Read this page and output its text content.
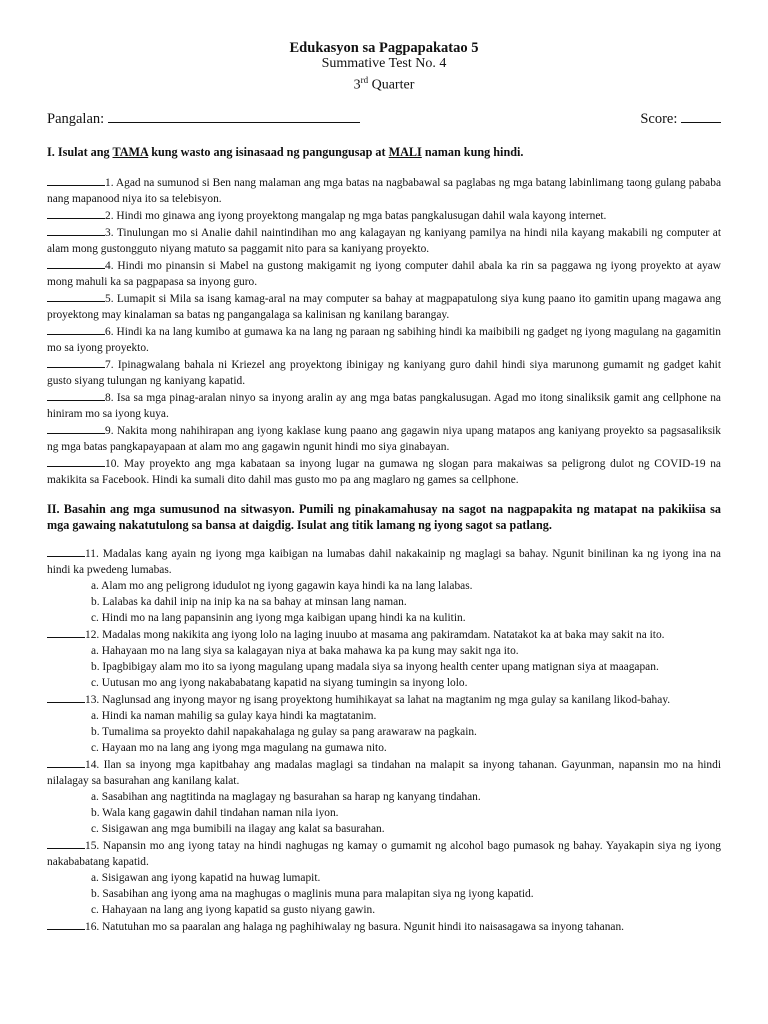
Edukasyon sa Pagpapakatao 5
Summative Test No. 4
3rd Quarter
Pangalan:	Score:
I. Isulat ang TAMA kung wasto ang isinasaad ng pangungusap at MALI naman kung hindi.
1. Agad na sumunod si Ben nang malaman ang mga batas na nagbabawal sa paglabas ng mga batang labinlimang taong gulang pababa nang mapanood niya ito sa telebisyon.
2. Hindi mo ginawa ang iyong proyektong mangalap ng mga batas pangkalusugan dahil wala kayong internet.
3. Tinulungan mo si Analie dahil naintindihan mo ang kalagayan ng kaniyang pamilya na hindi nila kayang makabili ng computer at alam mong gustongguto niyang matuto sa paggamit nito para sa kaniyang proyekto.
4. Hindi mo pinansin si Mabel na gustong makigamit ng iyong computer dahil abala ka rin sa paggawa ng iyong proyekto at ayaw mong mahuli ka sa pagpapasa sa inyong guro.
5. Lumapit si Mila sa isang kamag-aral na may computer sa bahay at magpapatulong siya kung paano ito gamitin upang magawa ang proyektong may kinalaman sa batas ng pangangalaga sa kalinisan ng kanilang barangay.
6. Hindi ka na lang kumibo at gumawa ka na lang ng paraan ng sabihing hindi ka maibibili ng gadget ng iyong magulang na gagamitin mo sa iyong proyekto.
7. Ipinagwalang bahala ni Kriezel ang proyektong ibinigay ng kaniyang guro dahil hindi siya marunong gumamit ng gadget kahit gusto siyang tulungan ng kaniyang kapatid.
8. Isa sa mga pinag-aralan ninyo sa inyong aralin ay ang mga batas pangkalusugan. Agad mo itong sinaliksik gamit ang cellphone na hiniram mo sa iyong kuya.
9. Nakita mong nahihirapan ang iyong kaklase kung paano ang gagawin niya upang matapos ang kaniyang proyekto sa pagsasaliksik ng mga batas pangkapayapaan at alam mo ang gagawin ngunit hindi mo siya ginabayan.
10. May proyekto ang mga kabataan sa inyong lugar na gumawa ng slogan para makaiwas sa peligrong dulot ng COVID-19 na makikita sa Facebook. Hindi ka sumali dito dahil mas gusto mo pa ang maglaro ng games sa cellphone.
II. Basahin ang mga sumusunod na sitwasyon. Pumili ng pinakamahusay na sagot na nagpapakita ng matapat na pakikiisa sa mga gawaing nakatutulong sa bansa at daigdig. Isulat ang titik lamang ng iyong sagot sa patlang.
11. Madalas kang ayain ng iyong mga kaibigan na lumabas dahil nakakainip ng maglagi sa bahay. Ngunit binilinan ka ng iyong ina na hindi ka pwedeng lumabas.
a. Alam mo ang peligrong idudulot ng iyong gagawin kaya hindi ka na lang lalabas.
b. Lalabas ka dahil inip na inip ka na sa bahay at minsan lang naman.
c. Hindi mo na lang papansinin ang iyong mga kaibigan upang hindi ka na kulitin.
12. Madalas mong nakikita ang iyong lolo na laging inuubo at masama ang pakiramdam. Natatakot ka at baka may sakit na ito.
a. Hahayaan mo na lang siya sa kalagayan niya at baka mahawa ka pa kung may sakit nga ito.
b. Ipagbibigay alam mo ito sa iyong magulang upang madala siya sa inyong health center upang matignan siya at maagapan.
c. Uutusan mo ang iyong nakababatang kapatid na siyang tumingin sa inyong lolo.
13. Naglunsad ang inyong mayor ng isang proyektong humihikayat sa lahat na magtanim ng mga gulay sa kanilang likod-bahay.
a. Hindi ka naman mahilig sa gulay kaya hindi ka magtatanim.
b. Tumalima sa proyekto dahil napakahalaga ng gulay sa pang arawaraw na pagkain.
c. Hayaan mo na lang ang iyong mga magulang na gumawa nito.
14. Ilan sa inyong mga kapitbahay ang madalas maglagi sa tindahan na malapit sa inyong tahanan. Gayunman, napansin mo na hindi nilalagay sa basurahan ang kanilang kalat.
a. Sasabihan ang nagtitinda na maglagay ng basurahan sa harap ng kanyang tindahan.
b. Wala kang gagawin dahil tindahan naman nila iyon.
c. Sisigawan ang mga bumibili na ilagay ang kalat sa basurahan.
15. Napansin mo ang iyong tatay na hindi naghugas ng kamay o gumamit ng alcohol bago pumasok ng bahay. Yayakapin siya ng iyong nakababatang kapatid.
a. Sisigawan ang iyong kapatid na huwag lumapit.
b. Sasabihan ang iyong ama na maghugas o maglinis muna para malapitan siya ng iyong kapatid.
c. Hahayaan na lang ang iyong kapatid sa gusto niyang gawin.
16. Natutuhan mo sa paaralan ang halaga ng paghihiwalay ng basura. Ngunit hindi ito naisasagawa sa inyong tahanan.
